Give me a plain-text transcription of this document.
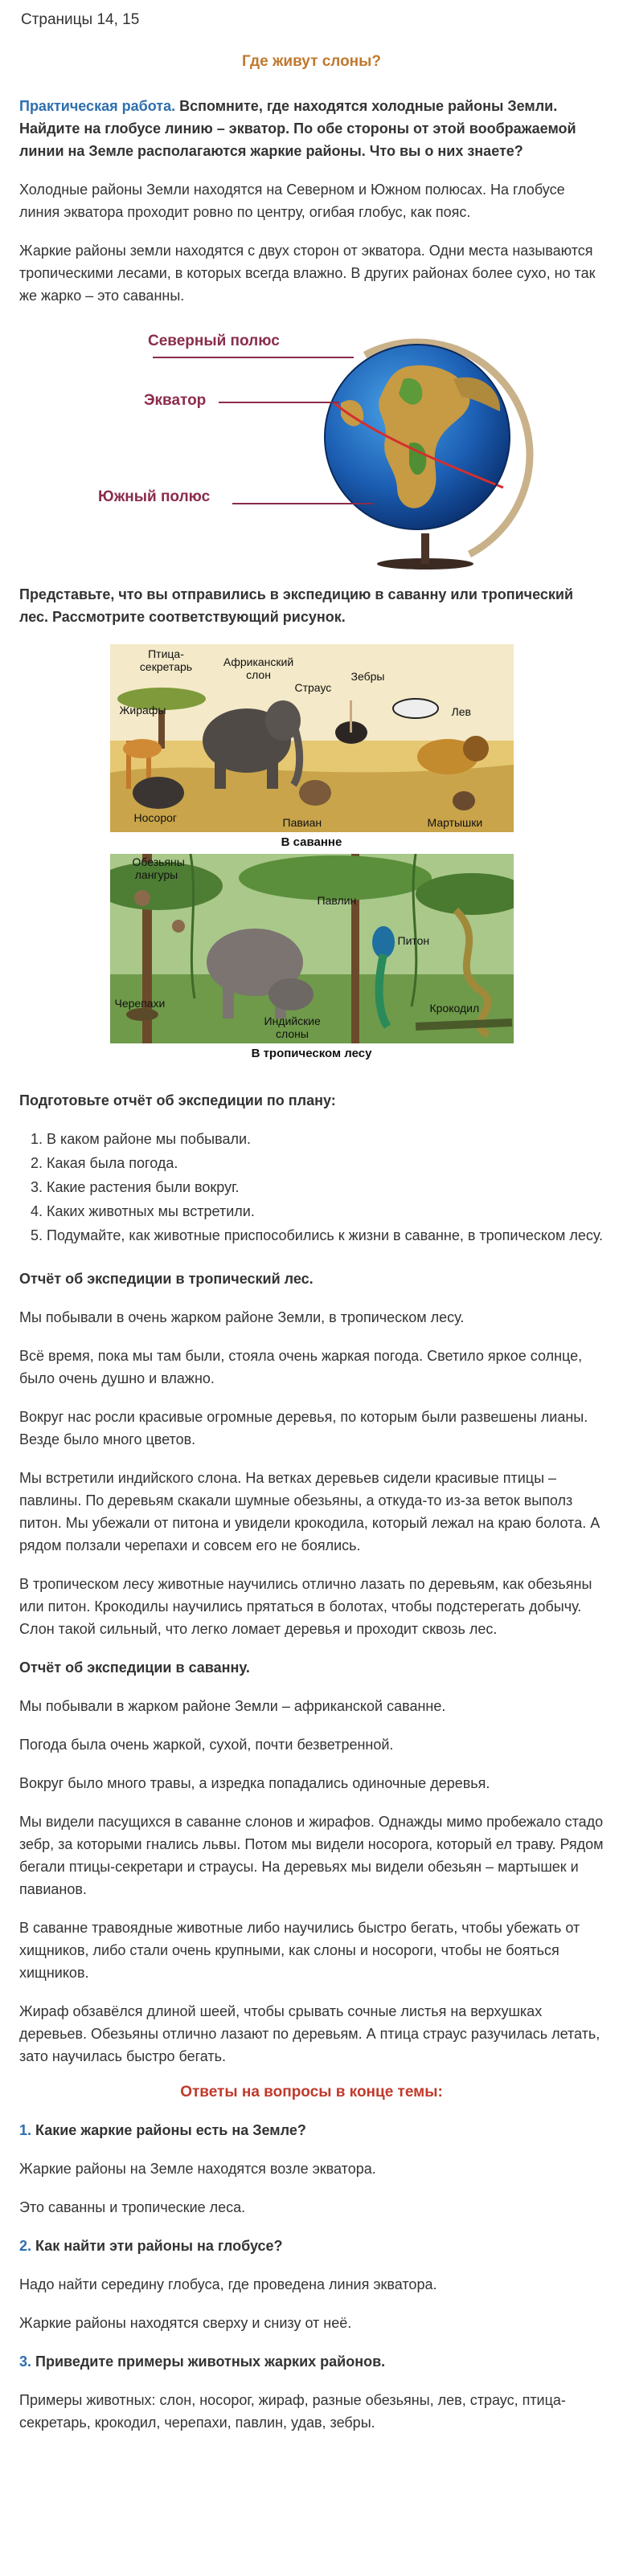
Страницы 14, 15
Где живут слоны?

Практическая работа. Вспомните, где находятся холодные районы Земли. Найдите на глобусе линию – экватор. По обе стороны от этой воображаемой линии на Земле располагаются жаркие районы. Что вы о них знаете?

Холодные районы Земли находятся на Северном и Южном полюсах. На глобусе линия экватора проходит ровно по центру, огибая глобус, как пояс.

Жаркие районы земли находятся с двух сторон от экватора. Одни места называются тропическими лесами, в которых всегда влажно. В других районах более сухо, но так же жарко – это саванны.

Северный полюс
Экватор
Южный полюс

Представьте, что вы отправились в экспедицию в саванну или тропический лес. Рассмотрите соответствующий рисунок.

Птица-секретарь	Африканский слон
Страус
Зебры
Жирафы	Лев
Носорог	Павиан	Мартышки
В саванне
Обезьяны лангуры
Павлин
Питон
Черепахи
Индийские слоны
Крокодил
В тропическом лесу

Подготовьте отчёт об экспедиции по плану:

1. В каком районе мы побывали.
2. Какая была погода.
3. Какие растения были вокруг.
4. Каких животных мы встретили.
5. Подумайте, как животные приспособились к жизни в саванне, в тропическом лесу.

Отчёт об экспедиции в тропический лес.

Мы побывали в очень жарком районе Земли, в тропическом лесу.

Всё время, пока мы там были, стояла очень жаркая погода. Светило яркое солнце, было очень душно и влажно.

Вокруг нас росли красивые огромные деревья, по которым были развешены лианы. Везде было много цветов.

Мы встретили индийского слона. На ветках деревьев сидели красивые птицы – павлины. По деревьям скакали шумные обезьяны, а откуда-то из-за веток выполз питон. Мы убежали от питона и увидели крокодила, который лежал на краю болота. А рядом ползали черепахи и совсем его не боялись.

В тропическом лесу животные научились отлично лазать по деревьям, как обезьяны или питон. Крокодилы научились прятаться в болотах, чтобы подстерегать добычу. Слон такой сильный, что легко ломает деревья и проходит сквозь лес.

Отчёт об экспедиции в саванну.

Мы побывали в жарком районе Земли – африканской саванне.

Погода была очень жаркой, сухой, почти безветренной.

Вокруг было много травы, а изредка попадались одиночные деревья.

Мы видели пасущихся в саванне слонов и жирафов. Однажды мимо пробежало стадо зебр, за которыми гнались львы. Потом мы видели носорога, который ел траву. Рядом бегали птицы-секретари и страусы. На деревьях мы видели обезьян – мартышек и павианов.

В саванне травоядные животные либо научились быстро бегать, чтобы убежать от хищников, либо стали очень крупными, как слоны и носороги, чтобы не бояться хищников.

Жираф обзавёлся длиной шеей, чтобы срывать сочные листья на верхушках деревьев. Обезьяны отлично лазают по деревьям. А птица страус разучилась летать, зато научилась быстро бегать.

Ответы на вопросы в конце темы:

1. Какие жаркие районы есть на Земле?

Жаркие районы на Земле находятся возле экватора.

Это саванны и тропические леса.

2. Как найти эти районы на глобусе?

Надо найти середину глобуса, где проведена линия экватора.

Жаркие районы находятся сверху и снизу от неё.

3. Приведите примеры животных жарких районов.

Примеры животных: слон, носорог, жираф, разные обезьяны, лев, страус, птица-секретарь, крокодил, черепахи, павлин, удав, зебры.
